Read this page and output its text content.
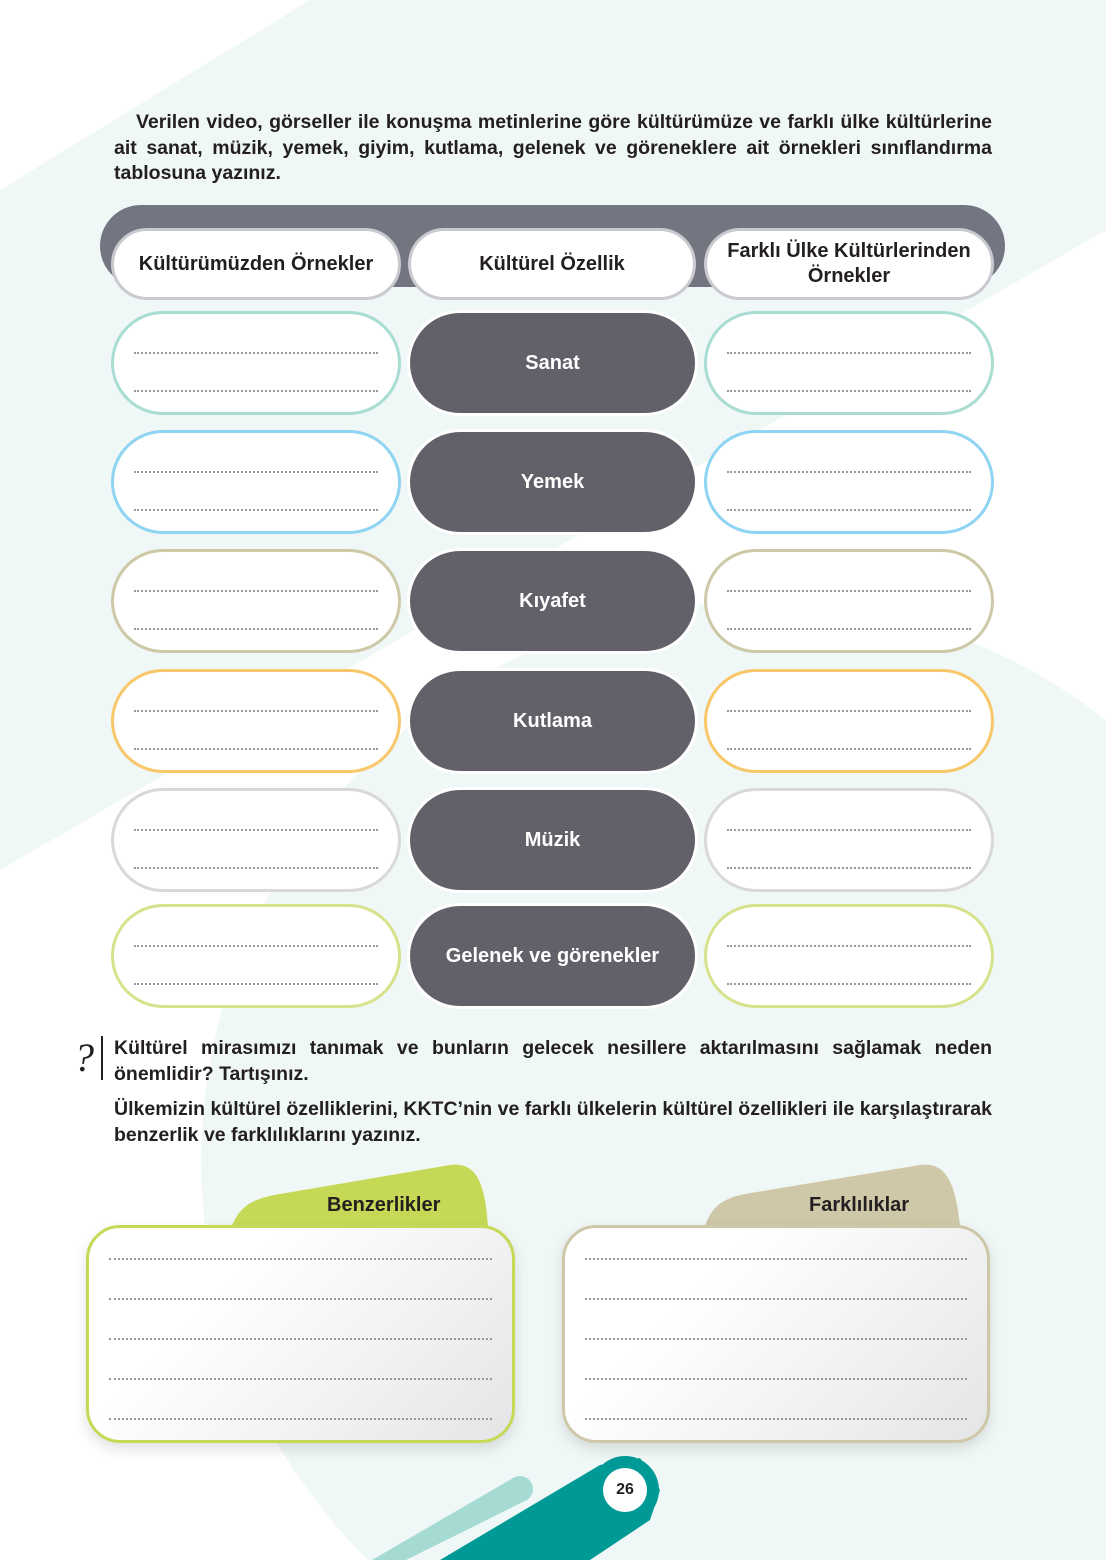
Verilen video, görseller ile konuşma metinlerine göre kültürümüze ve farklı ülke kültürlerine ait sanat, müzik, yemek, giyim, kutlama, gelenek ve göreneklere ait örnekleri sınıflandırma tablosuna yazınız.

Kültürümüzden Örnekler	Kültürel Özellik
Farklı Ülke Kültürlerinden Örnekler
Sanat
Yemek
Kıyafet
Kutlama
Müzik
Gelenek ve görenekler
? Kültürel mirasımızı tanımak ve bunların gelecek nesillere aktarılmasını sağlamak neden önemlidir? Tartışınız.

Ülkemizin kültürel özelliklerini, KKTC’nin ve farklı ülkelerin kültürel özellikleri ile karşılaştırarak benzerlik ve farklılıklarını yazınız.

Benzerlikler	Farklılıklar
26
